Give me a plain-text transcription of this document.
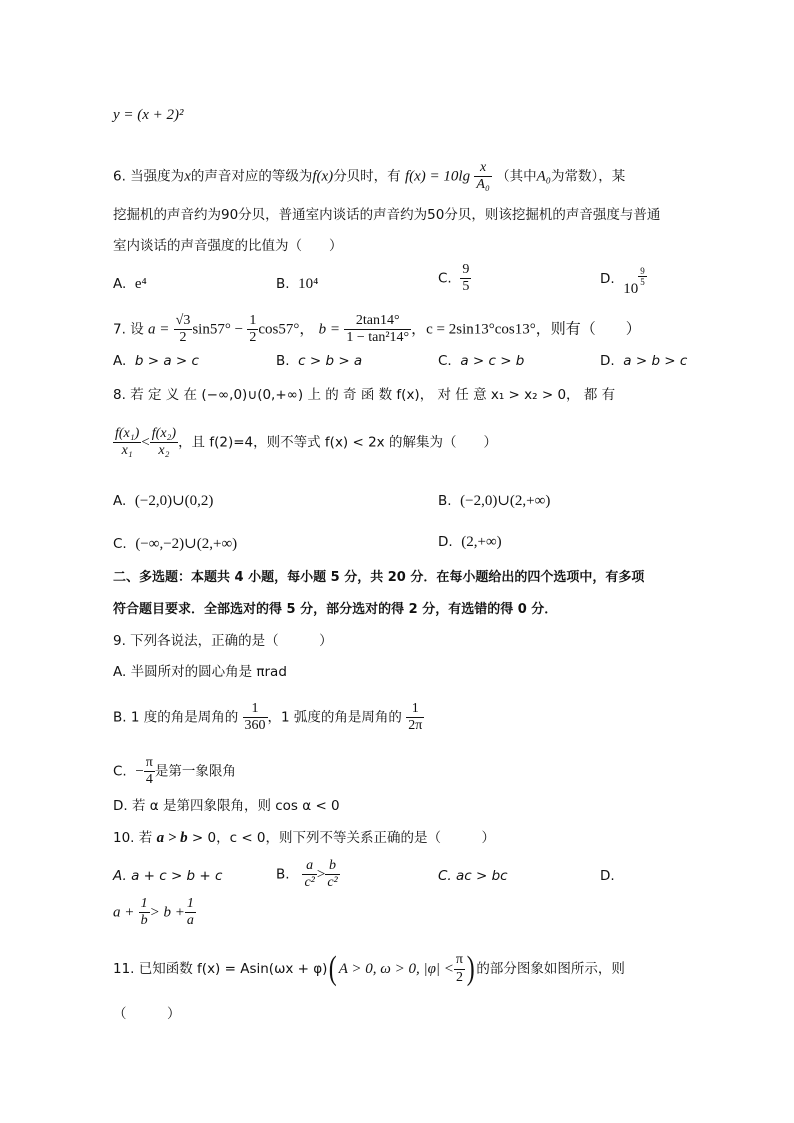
y = (x + 2)²
6. 当强度为x的声音对应的等级为f(x)分贝时，有 $f(x) = 10\lg \frac{x}{\text{A₀}}$ （其中A₀为常数），某
挖掘机的声音约为90分贝，普通室内谈话的声音约为50分贝，则该挖掘机的声音强度与普通
室内谈话的声音强度的比值为（　　）
A. e⁴	B. 10⁴	C. $\frac{9}{5}$	D.  10
$\frac{9}{5}$
7. 设 $a = \frac{√3}{2} \sin 57^\circ - \frac{1}{2} \cos 57^\circ$， $b = \frac{2\tan 14^\circ}{\text{1 − tan²14°}}$ ，c = 2sin13°cos13°，则有（　　）
A. b > a > c	B. c > b > a	C. a > c > b	D. a > b > c
8. 若 定 义 在 (−∞,0)∪(0,+∞) 上 的 奇 函 数 f(x)， 对 任 意 x₁ > x₂ > 0， 都 有
$\frac{\text{f(x₁)}}{\text{x₁}} < \frac{\text{f(x₂)}}{\text{x₂}}$ ，且 f(2)=4，则不等式 f(x) < 2x 的解集为（　　）
A. (−2,0)∪(0,2)	B. (−2,0)∪(2,+∞)
C. (−∞,−2)∪(2,+∞)	D. (2,+∞)
二、多选题：本题共 4 小题，每小题 5 分，共 20 分．在每小题给出的四个选项中，有多项
符合题目要求．全部选对的得 5 分，部分选对的得 2 分，有选错的得 0 分．
9. 下列各说法，正确的是（　　　）
A. 半圆所对的圆心角是 πrad
B. 1 度的角是周角的 $\frac{1}{360}$ ，1 弧度的角是周角的 $\frac{1}{2\pi}$
C. − $\frac{\pi}{4}$ 是第一象限角
D. 若 α 是第四象限角，则 cos α < 0
10. 若 a > b > 0，c < 0，则下列不等关系正确的是（　　　）
A. a + c > b + c	B. $\frac{a}{\text{c²}} > \frac{b}{\text{c²}}$	C. ac > bc	D.
$a + \frac{1}{b} > b + \frac{1}{a}$
11. 已知函数 f(x) = Asin(ωx + φ)( A > 0, ω > 0, $|\varphi| < \frac{\pi}{2}$ ) 的部分图象如图所示，则
（　　　）
